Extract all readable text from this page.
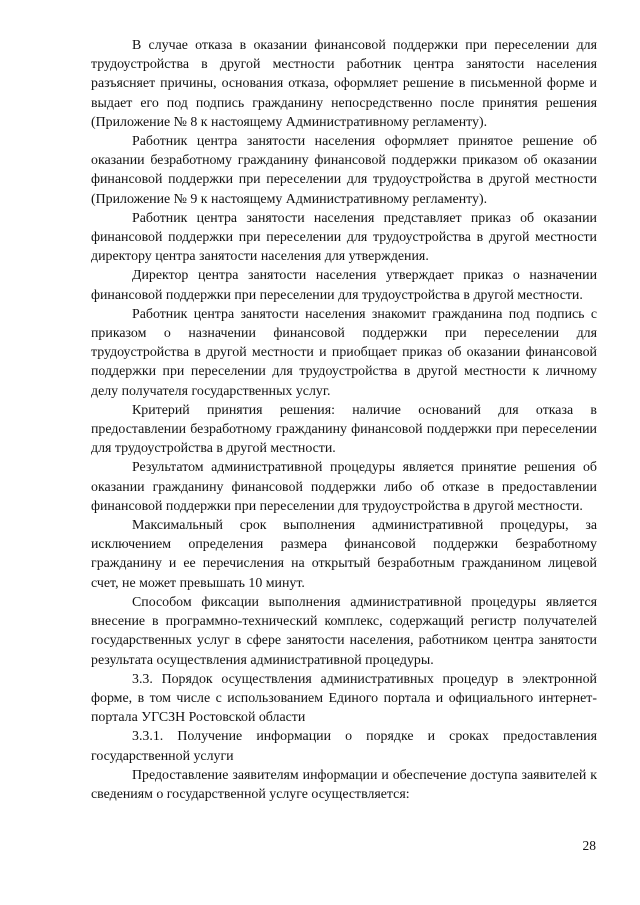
В случае отказа в оказании финансовой поддержки при переселении для трудоустройства в другой местности работник центра занятости населения разъясняет причины, основания отказа, оформляет решение в письменной форме и выдает его под подпись гражданину непосредственно после принятия решения (Приложение № 8 к настоящему Административному регламенту).

Работник центра занятости населения оформляет принятое решение об оказании безработному гражданину финансовой поддержки приказом об оказании финансовой поддержки при переселении для трудоустройства в другой местности (Приложение № 9 к настоящему Административному регламенту).

Работник центра занятости населения представляет приказ об оказании финансовой поддержки при переселении для трудоустройства в другой местности директору центра занятости населения для утверждения.

Директор центра занятости населения утверждает приказ о назначении финансовой поддержки при переселении для трудоустройства в другой местности.

Работник центра занятости населения знакомит гражданина под подпись с приказом о назначении финансовой поддержки при переселении для трудоустройства в другой местности и приобщает приказ об оказании финансовой поддержки при переселении для трудоустройства в другой местности к личному делу получателя государственных услуг.

Критерий принятия решения: наличие оснований для отказа в предоставлении безработному гражданину финансовой поддержки при переселении для трудоустройства в другой местности.

Результатом административной процедуры является принятие решения об оказании гражданину финансовой поддержки либо об отказе в предоставлении финансовой поддержки при переселении для трудоустройства в другой местности.

Максимальный срок выполнения административной процедуры, за исключением определения размера финансовой поддержки безработному гражданину и ее перечисления на открытый безработным гражданином лицевой счет, не может превышать 10 минут.

Способом фиксации выполнения административной процедуры является внесение в программно-технический комплекс, содержащий регистр получателей государственных услуг в сфере занятости населения, работником центра занятости результата осуществления административной процедуры.

3.3. Порядок осуществления административных процедур в электронной форме, в том числе с использованием Единого портала и официального интернет-портала УГСЗН Ростовской области

3.3.1. Получение информации о порядке и сроках предоставления государственной услуги

Предоставление заявителям информации и обеспечение доступа заявителей к сведениям о государственной услуге осуществляется:

28
